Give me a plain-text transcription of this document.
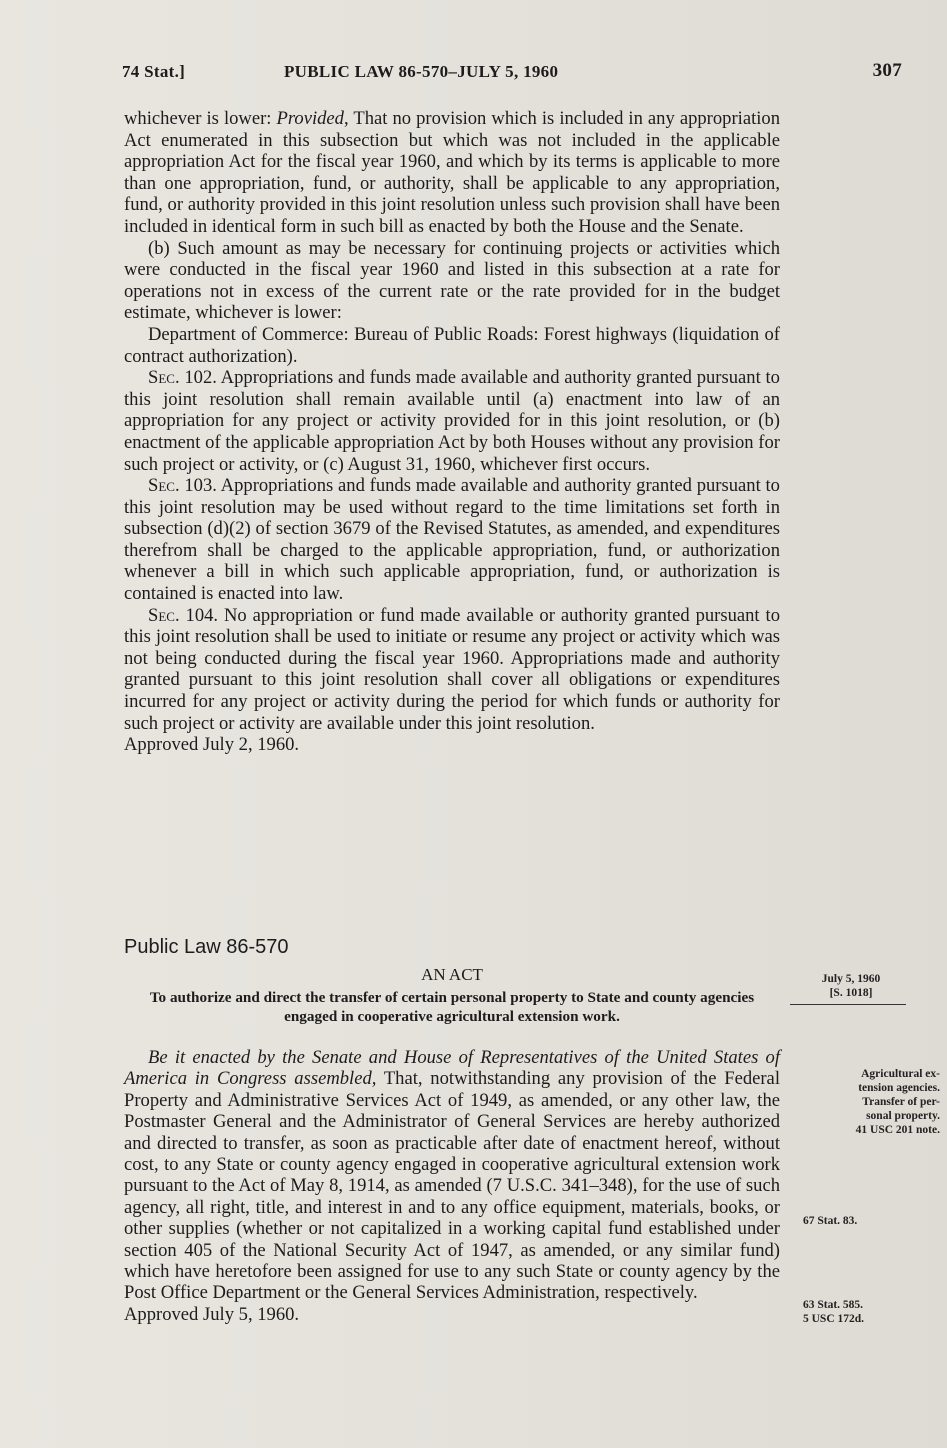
74 Stat.]	PUBLIC LAW 86-570–JULY 5, 1960	307

whichever is lower: Provided, That no provision which is included in any appropriation Act enumerated in this subsection but which was not included in the applicable appropriation Act for the fiscal year 1960, and which by its terms is applicable to more than one appropriation, fund, or authority, shall be applicable to any appropriation, fund, or authority provided in this joint resolution unless such provision shall have been included in identical form in such bill as enacted by both the House and the Senate.

(b) Such amount as may be necessary for continuing projects or activities which were conducted in the fiscal year 1960 and listed in this subsection at a rate for operations not in excess of the current rate or the rate provided for in the budget estimate, whichever is lower:

Department of Commerce: Bureau of Public Roads: Forest highways (liquidation of contract authorization).

Sec. 102. Appropriations and funds made available and authority granted pursuant to this joint resolution shall remain available until (a) enactment into law of an appropriation for any project or activity provided for in this joint resolution, or (b) enactment of the applicable appropriation Act by both Houses without any provision for such project or activity, or (c) August 31, 1960, whichever first occurs.

Sec. 103. Appropriations and funds made available and authority granted pursuant to this joint resolution may be used without regard to the time limitations set forth in subsection (d)(2) of section 3679 of the Revised Statutes, as amended, and expenditures therefrom shall be charged to the applicable appropriation, fund, or authorization whenever a bill in which such applicable appropriation, fund, or authorization is contained is enacted into law.

Sec. 104. No appropriation or fund made available or authority granted pursuant to this joint resolution shall be used to initiate or resume any project or activity which was not being conducted during the fiscal year 1960. Appropriations made and authority granted pursuant to this joint resolution shall cover all obligations or expenditures incurred for any project or activity during the period for which funds or authority for such project or activity are available under this joint resolution.

Approved July 2, 1960.

Public Law 86-570
AN ACT
To authorize and direct the transfer of certain personal property to State and county agencies engaged in cooperative agricultural extension work.

Be it enacted by the Senate and House of Representatives of the United States of America in Congress assembled, That, notwithstanding any provision of the Federal Property and Administrative Services Act of 1949, as amended, or any other law, the Postmaster General and the Administrator of General Services are hereby authorized and directed to transfer, as soon as practicable after date of enactment hereof, without cost, to any State or county agency engaged in cooperative agricultural extension work pursuant to the Act of May 8, 1914, as amended (7 U.S.C. 341–348), for the use of such agency, all right, title, and interest in and to any office equipment, materials, books, or other supplies (whether or not capitalized in a working capital fund established under section 405 of the National Security Act of 1947, as amended, or any similar fund) which have heretofore been assigned for use to any such State or county agency by the Post Office Department or the General Services Administration, respectively.

Approved July 5, 1960.

July 5, 1960
[S. 1018]
Agricultural ex-
tension agencies.
Transfer of per-
sonal property.
41 USC 201 note.
67 Stat. 83.
63 Stat. 585.
5 USC 172d.
